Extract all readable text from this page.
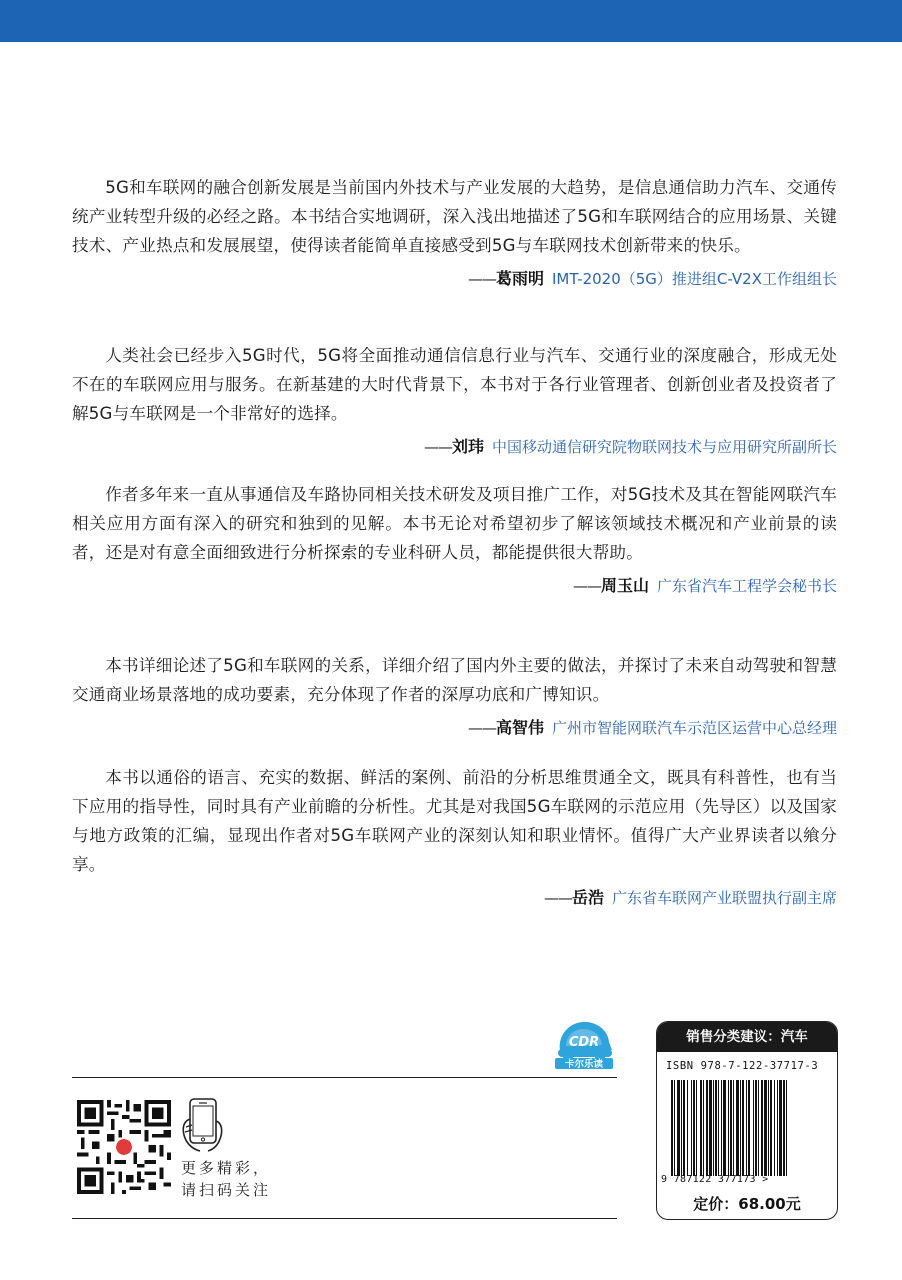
5G和车联网的融合创新发展是当前国内外技术与产业发展的大趋势，是信息通信助力汽车、交通传统产业转型升级的必经之路。本书结合实地调研，深入浅出地描述了5G和车联网结合的应用场景、关键技术、产业热点和发展展望，使得读者能简单直接感受到5G与车联网技术创新带来的快乐。

——葛雨明 IMT-2020（5G）推进组C-V2X工作组组长

人类社会已经步入5G时代，5G将全面推动通信信息行业与汽车、交通行业的深度融合，形成无处不在的车联网应用与服务。在新基建的大时代背景下，本书对于各行业管理者、创新创业者及投资者了解5G与车联网是一个非常好的选择。

——刘玮 中国移动通信研究院物联网技术与应用研究所副所长

作者多年来一直从事通信及车路协同相关技术研发及项目推广工作，对5G技术及其在智能网联汽车相关应用方面有深入的研究和独到的见解。本书无论对希望初步了解该领域技术概况和产业前景的读者，还是对有意全面细致进行分析探索的专业科研人员，都能提供很大帮助。

——周玉山 广东省汽车工程学会秘书长

本书详细论述了5G和车联网的关系，详细介绍了国内外主要的做法，并探讨了未来自动驾驶和智慧交通商业场景落地的成功要素，充分体现了作者的深厚功底和广博知识。

——高智伟 广州市智能网联汽车示范区运营中心总经理

本书以通俗的语言、充实的数据、鲜活的案例、前沿的分析思维贯通全文，既具有科普性，也有当下应用的指导性，同时具有产业前瞻的分析性。尤其是对我国5G车联网的示范应用（先导区）以及国家与地方政策的汇编，显现出作者对5G车联网产业的深刻认知和职业情怀。值得广大产业界读者以飨分享。

——岳浩 广东省车联网产业联盟执行副主席
CDR
卡尔乐读
更多精彩，
请扫码关注
销售分类建议：汽车
ISBN 978-7-122-37717-3
9 787122 377173 >
定价：68.00元
